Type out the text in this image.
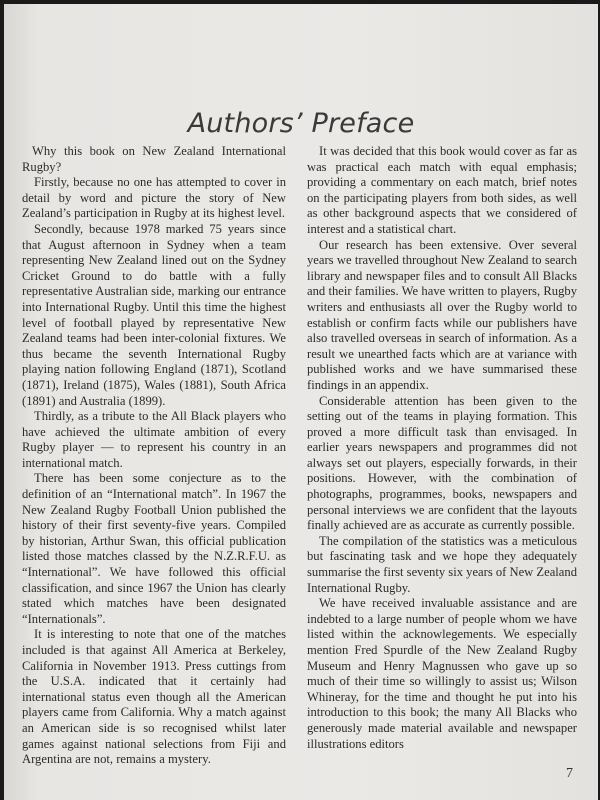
Authors’ Preface

Why this book on New Zealand International Rugby?

Firstly, because no one has attempted to cover in detail by word and picture the story of New Zealand’s participation in Rugby at its highest level.

Secondly, because 1978 marked 75 years since that August afternoon in Sydney when a team representing New Zealand lined out on the Sydney Cricket Ground to do battle with a fully representative Australian side, marking our entrance into International Rugby. Until this time the highest level of football played by representative New Zealand teams had been inter-colonial fixtures. We thus became the seventh International Rugby playing nation following England (1871), Scotland (1871), Ireland (1875), Wales (1881), South Africa (1891) and Australia (1899).

Thirdly, as a tribute to the All Black players who have achieved the ultimate ambition of every Rugby player — to represent his country in an international match.

There has been some conjecture as to the definition of an “International match”. In 1967 the New Zealand Rugby Football Union published the history of their first seventy-five years. Compiled by historian, Arthur Swan, this official publication listed those matches classed by the N.Z.R.F.U. as “International”. We have followed this official classification, and since 1967 the Union has clearly stated which matches have been designated “Internationals”.

It is interesting to note that one of the matches included is that against All America at Berkeley, California in November 1913. Press cuttings from the U.S.A. indicated that it certainly had international status even though all the American players came from California. Why a match against an American side is so recognised whilst later games against national selections from Fiji and Argentina are not, remains a mystery.

It was decided that this book would cover as far as was practical each match with equal emphasis; providing a commentary on each match, brief notes on the participating players from both sides, as well as other background aspects that we considered of interest and a statistical chart.

Our research has been extensive. Over several years we travelled throughout New Zealand to search library and newspaper files and to consult All Blacks and their families. We have written to players, Rugby writers and enthusiasts all over the Rugby world to establish or confirm facts while our publishers have also travelled overseas in search of information. As a result we unearthed facts which are at variance with published works and we have summarised these findings in an appendix.

Considerable attention has been given to the setting out of the teams in playing formation. This proved a more difficult task than envisaged. In earlier years newspapers and programmes did not always set out players, especially forwards, in their positions. However, with the combination of photographs, programmes, books, newspapers and personal interviews we are confident that the layouts finally achieved are as accurate as currently possible.

The compilation of the statistics was a meticulous but fascinating task and we hope they adequately summarise the first seventy six years of New Zealand International Rugby.

We have received invaluable assistance and are indebted to a large number of people whom we have listed within the acknowlegements. We especially mention Fred Spurdle of the New Zealand Rugby Museum and Henry Magnussen who gave up so much of their time so willingly to assist us; Wilson Whineray, for the time and thought he put into his introduction to this book; the many All Blacks who generously made material available and newspaper illustrations editors

7
